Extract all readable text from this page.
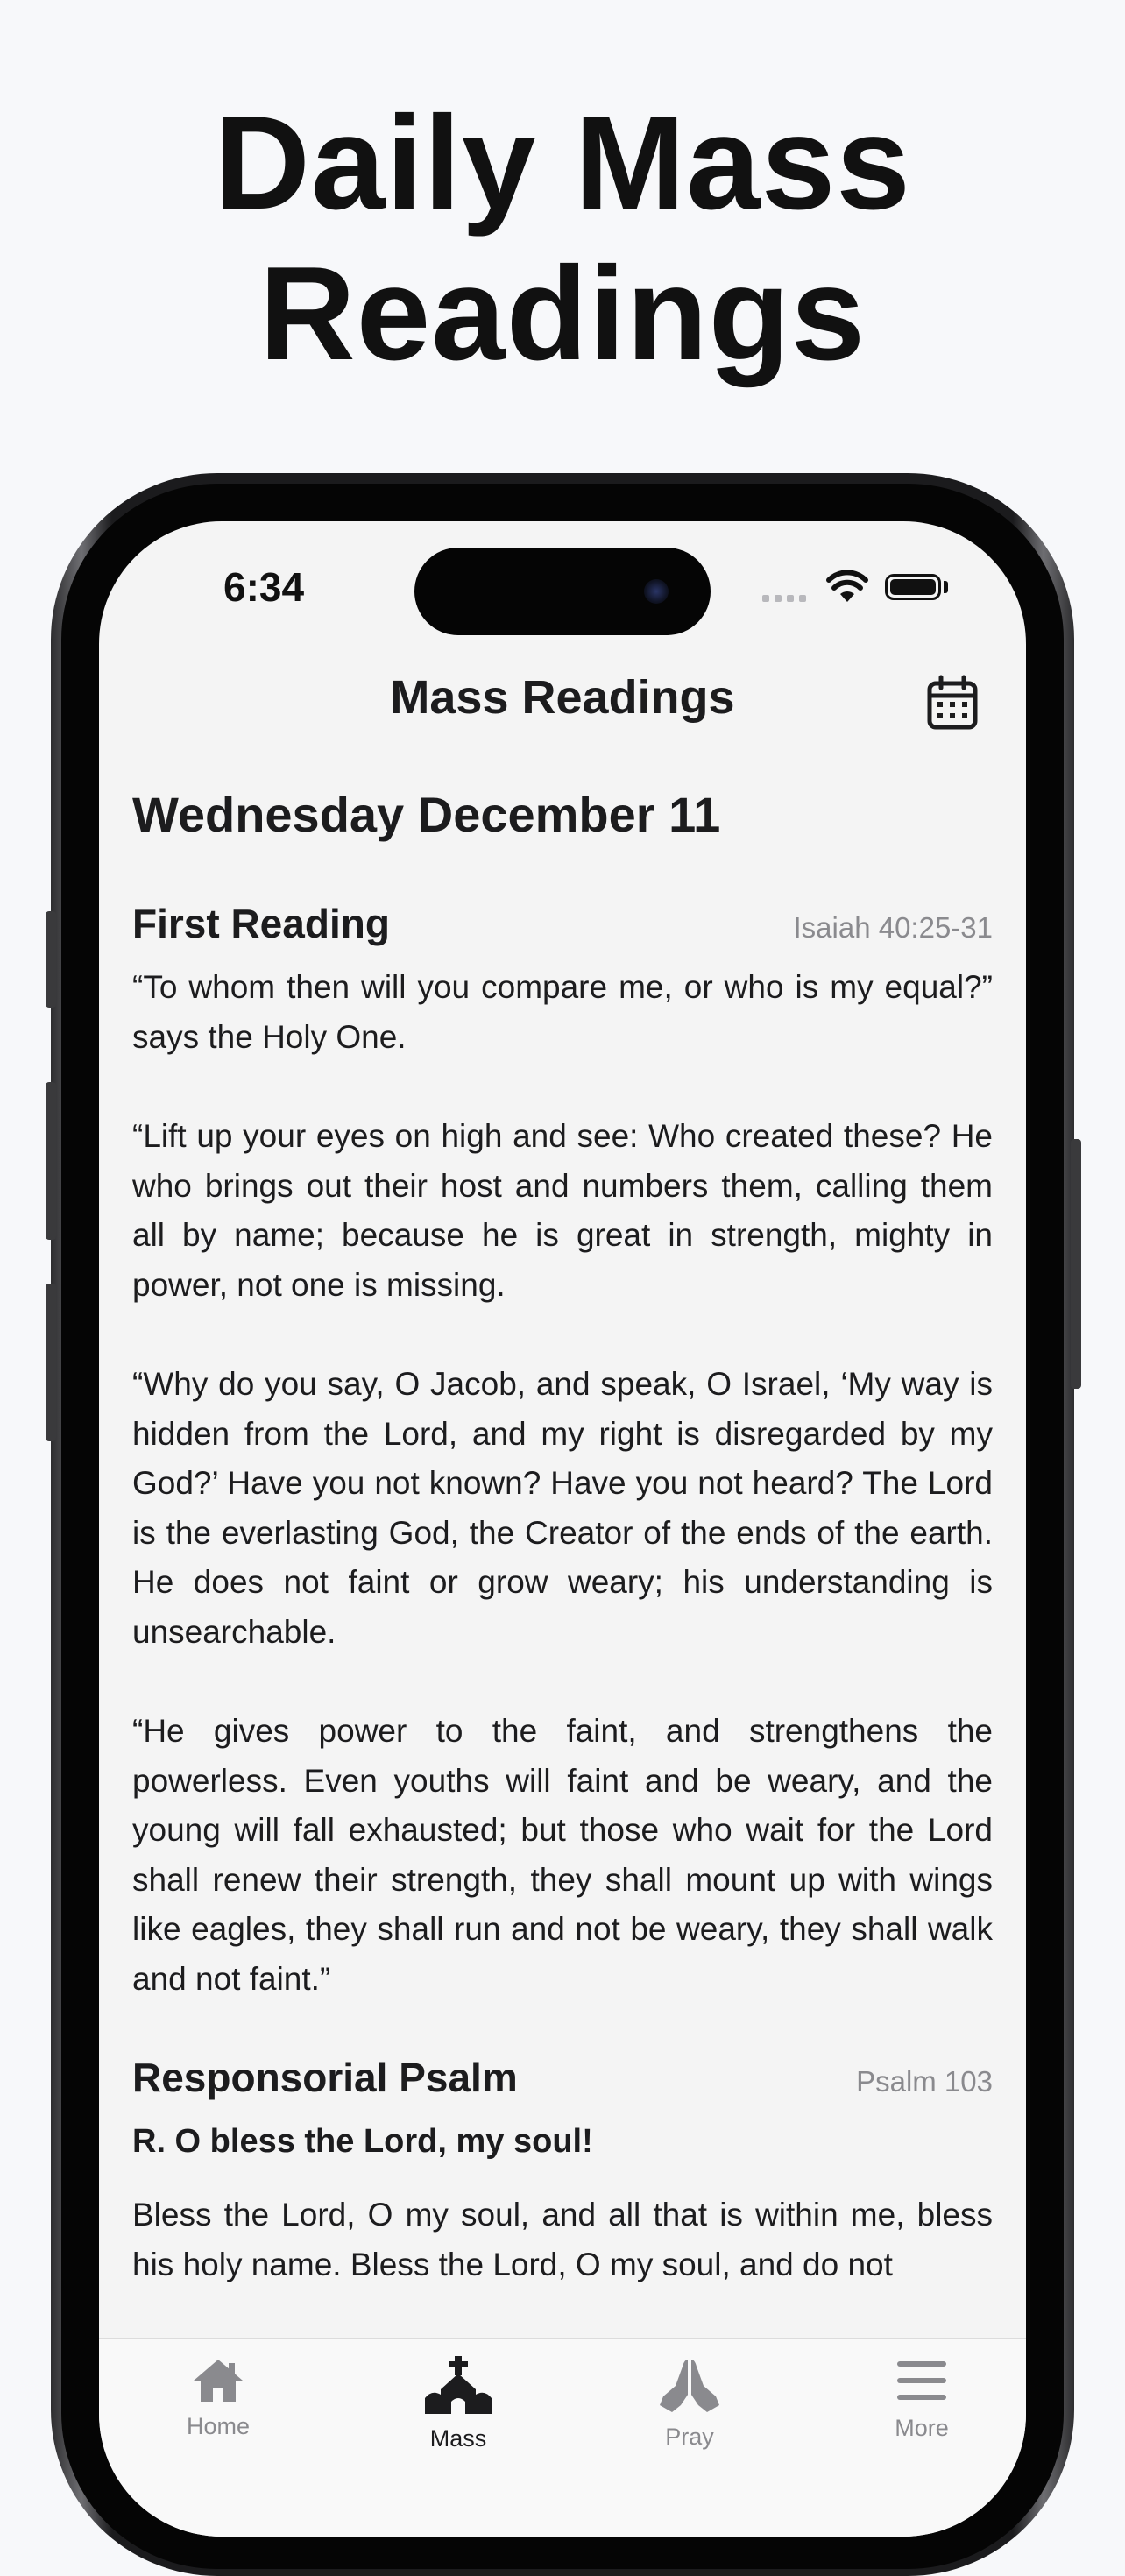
Daily Mass
Readings
6:34
Mass Readings
Wednesday December 11
First Reading	Isaiah 40:25-31

“To whom then will you compare me, or who is my equal?” says the Holy One.

“Lift up your eyes on high and see: Who created these? He who brings out their host and numbers them, calling them all by name; because he is great in strength, mighty in power, not one is missing.

“Why do you say, O Jacob, and speak, O Israel, ‘My way is hidden from the Lord, and my right is disregarded by my God?’ Have you not known? Have you not heard? The Lord is the everlasting God, the Creator of the ends of the earth. He does not faint or grow weary; his understanding is unsearchable.

“He gives power to the faint, and strengthens the powerless. Even youths will faint and be weary, and the young will fall exhausted; but those who wait for the Lord shall renew their strength, they shall mount up with wings like eagles, they shall run and not be weary, they shall walk and not faint.”

Responsorial Psalm	Psalm 103
R. O bless the Lord, my soul!

Bless the Lord, O my soul, and all that is within me, bless his holy name. Bless the Lord, O my soul, and do not

Home	Mass	Pray	More
